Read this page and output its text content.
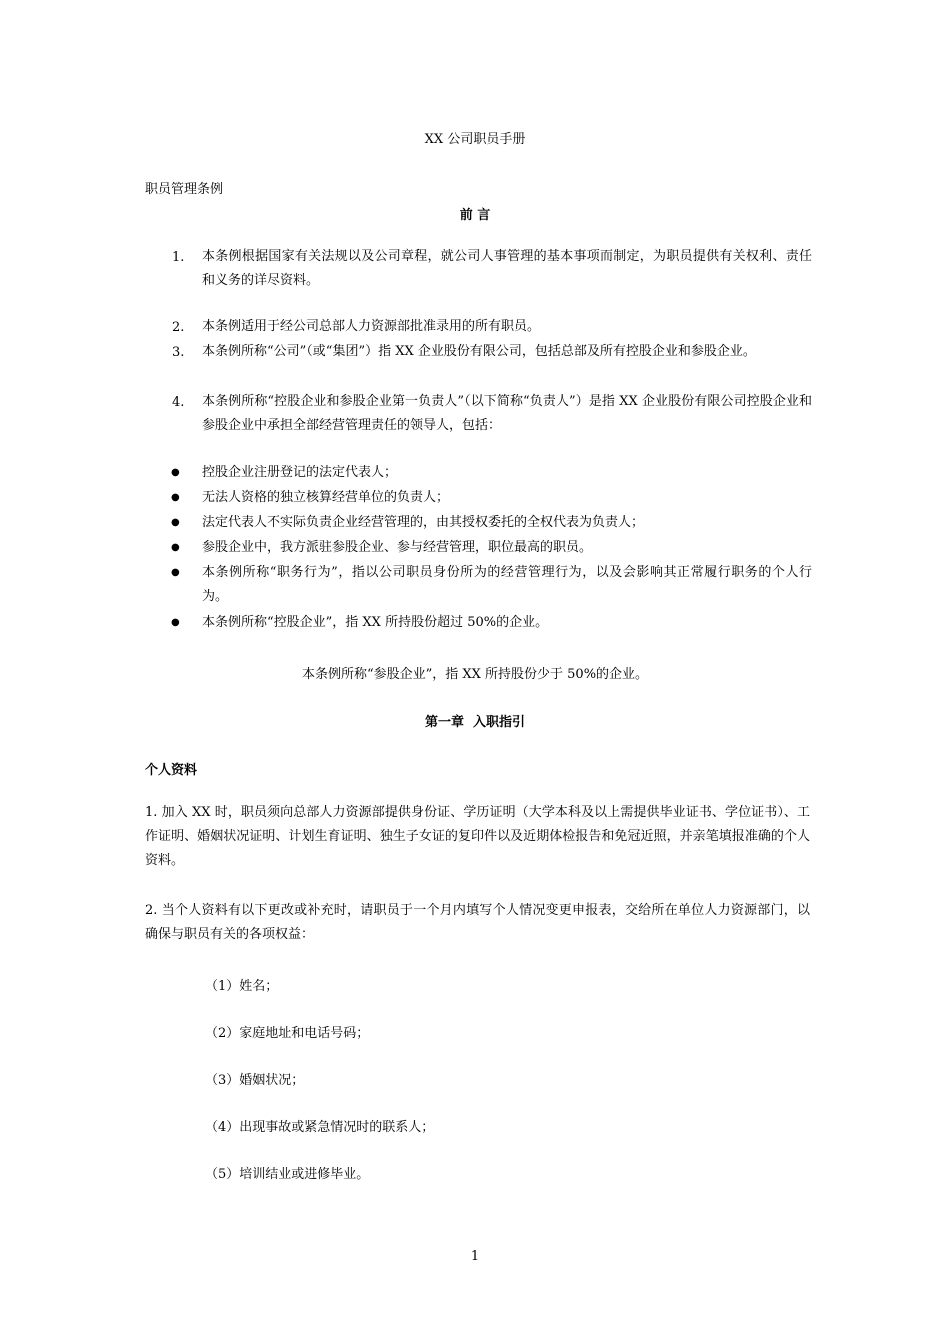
XX 公司职员手册
职员管理条例
前 言
1. 本条例根据国家有关法规以及公司章程，就公司人事管理的基本事项而制定，为职员提供有关权利、责任和义务的详尽资料。
2. 本条例适用于经公司总部人力资源部批准录用的所有职员。
3. 本条例所称“公司”（或“集团”）指 XX 企业股份有限公司，包括总部及所有控股企业和参股企业。
4. 本条例所称“控股企业和参股企业第一负责人”（以下简称“负责人”）是指 XX 企业股份有限公司控股企业和参股企业中承担全部经营管理责任的领导人，包括：
● 控股企业注册登记的法定代表人；
● 无法人资格的独立核算经营单位的负责人；
● 法定代表人不实际负责企业经营管理的，由其授权委托的全权代表为负责人；
● 参股企业中，我方派驻参股企业、参与经营管理，职位最高的职员。
● 本条例所称“职务行为”，指以公司职员身份所为的经营管理行为，以及会影响其正常履行职务的个人行为。
● 本条例所称“控股企业”，指 XX 所持股份超过 50%的企业。
本条例所称“参股企业”，指 XX 所持股份少于 50%的企业。
第一章  入职指引
个人资料
1. 加入 XX 时，职员须向总部人力资源部提供身份证、学历证明（大学本科及以上需提供毕业证书、学位证书）、工作证明、婚姻状况证明、计划生育证明、独生子女证的复印件以及近期体检报告和免冠近照，并亲笔填报准确的个人资料。
2. 当个人资料有以下更改或补充时，请职员于一个月内填写个人情况变更申报表，交给所在单位人力资源部门，以确保与职员有关的各项权益：
（1）姓名；
（2）家庭地址和电话号码；
（3）婚姻状况；
（4）出现事故或紧急情况时的联系人；
（5）培训结业或进修毕业。
1
